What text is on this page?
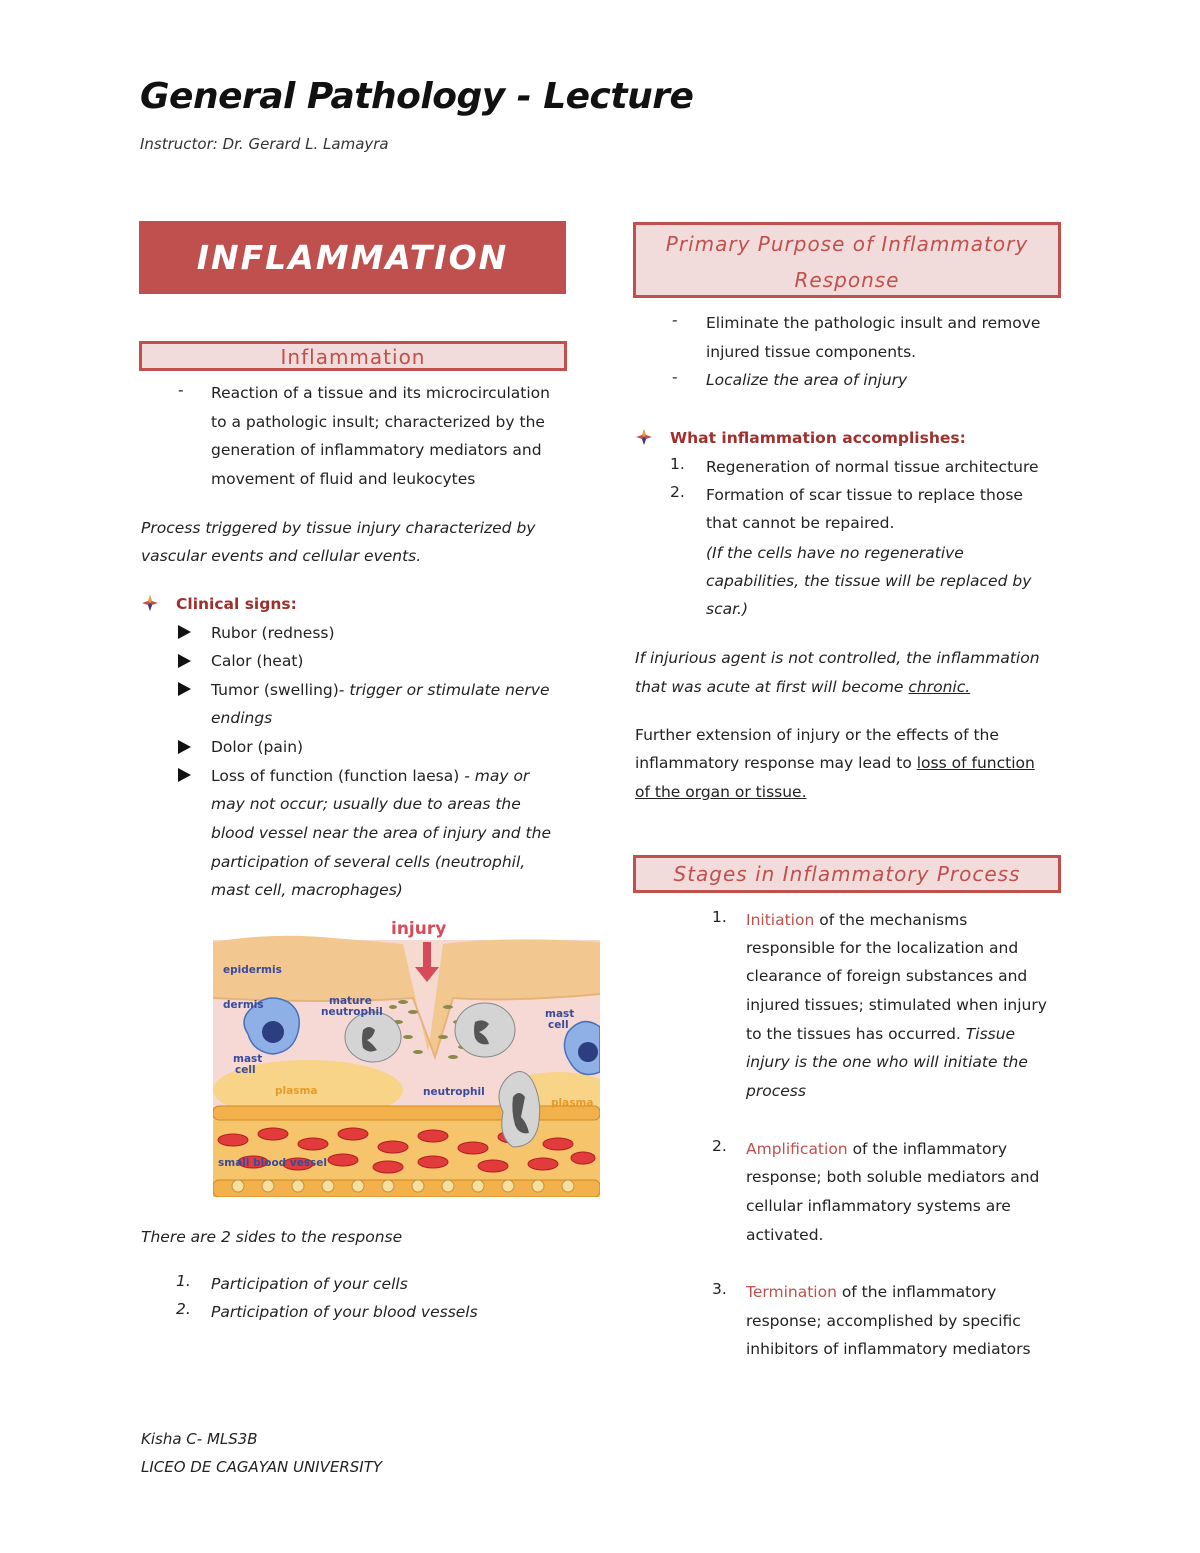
General Pathology - Lecture
Instructor: Dr. Gerard L. Lamayra
INFLAMMATION
Inflammation
- Reaction of a tissue and its microcirculation
to a pathologic insult; characterized by the
generation of inflammatory mediators and
movement of fluid and leukocytes
Process triggered by tissue injury characterized by
vascular events and cellular events.
Clinical signs:
Rubor (redness)
Calor (heat)
Tumor (swelling)- trigger or stimulate nerve
endings
Dolor (pain)
Loss of function (function laesa) - may or
may not occur; usually due to areas the
blood vessel near the area of injury and the
participation of several cells (neutrophil,
mast cell, macrophages)
injury
epidermis
dermis	mature
neutrophil	mast
cell
mast
cell
neutrophil
small blood vessel
plasma
plasma
There are 2 sides to the response
1. Participation of your cells
2. Participation of your blood vessels
Primary Purpose of Inflammatory
Response
- Eliminate the pathologic insult and remove
injured tissue components.
- Localize the area of injury
What inflammation accomplishes:
1. Regeneration of normal tissue architecture
2. Formation of scar tissue to replace those
that cannot be repaired.
(If the cells have no regenerative
capabilities, the tissue will be replaced by
scar.)
If injurious agent is not controlled, the inflammation
that was acute at first will become chronic.
Further extension of injury or the effects of the
inflammatory response may lead to loss of function
of the organ or tissue.
Stages in Inflammatory Process
1. Initiation of the mechanisms
responsible for the localization and
clearance of foreign substances and
injured tissues; stimulated when injury
to the tissues has occurred. Tissue
injury is the one who will initiate the
process
2. Amplification of the inflammatory
response; both soluble mediators and
cellular inflammatory systems are
activated.
3. Termination of the inflammatory
response; accomplished by specific
inhibitors of inflammatory mediators
Kisha C- MLS3B
LICEO DE CAGAYAN UNIVERSITY
